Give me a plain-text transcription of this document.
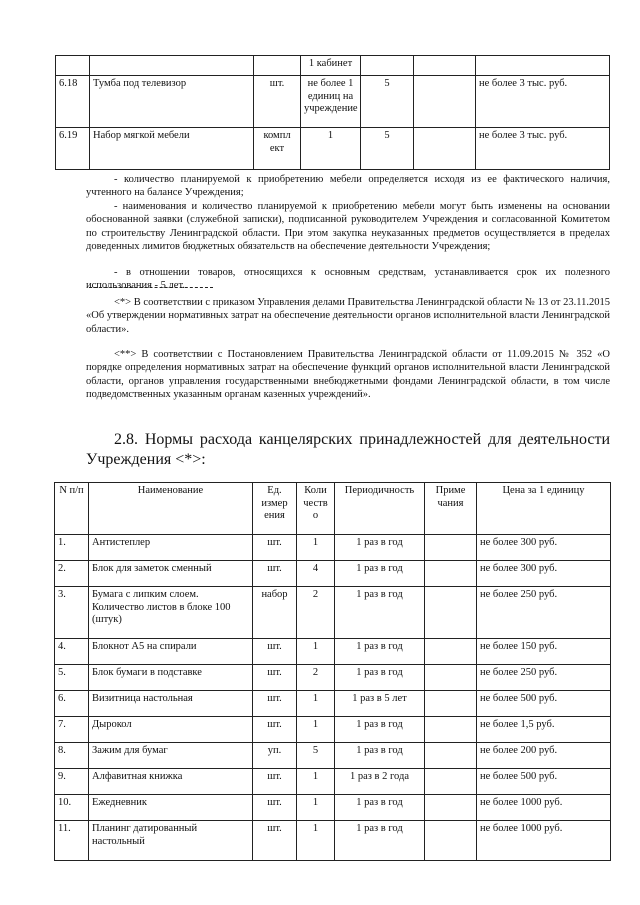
			1 кабинет			
6.18	Тумба под телевизор	шт.	не более 1 единиц на учреждение	5		не более 3 тыс. руб.
6.19	Набор мягкой мебели	компл ект	1	5		не более 3 тыс. руб.
- количество планируемой к приобретению мебели определяется исходя из ее фактического наличия, учтенного на балансе Учреждения;
- наименования и количество планируемой к приобретению мебели могут быть изменены на основании обоснованной заявки (служебной записки), подписанной руководителем Учреждения и согласованной Комитетом по строительству Ленинградской области. При этом закупка неуказанных предметов осуществляется в пределах доведенных лимитов бюджетных обязательств на обеспечение деятельности Учреждения;
- в отношении товаров, относящихся к основным средствам, устанавливается срок их полезного использования - 5 лет.
<*> В соответствии с приказом Управления делами Правительства Ленинградской области № 13 от 23.11.2015 «Об утверждении нормативных затрат на обеспечение деятельности органов исполнительной власти Ленинградской области».
<**> В соответствии с Постановлением Правительства Ленинградской области от 11.09.2015 № 352 «О порядке определения нормативных затрат на обеспечение функций органов исполнительной власти Ленинградской области, органов управления государственными внебюджетными фондами Ленинградской области, в том числе подведомственных указанным органам казенных учреждений».
2.8. Нормы расхода канцелярских принадлежностей для деятельности
Учреждения <*>:
N п/п	Наименование	Ед. измер ения	Коли честв о	Периодичность	Приме чания	Цена за 1 единицу
1.	Антистеплер	шт.	1	1 раз в год		не более 300 руб.
2.	Блок для заметок сменный	шт.	4	1 раз в год		не более 300 руб.
3.	Бумага с липким слоем. Количество листов в блоке 100 (штук)	набор	2	1 раз в год		не более 250 руб.
4.	Блокнот А5 на спирали	шт.	1	1 раз в год		не более 150 руб.
5.	Блок бумаги в подставке	шт.	2	1 раз в год		не более 250 руб.
6.	Визитница настольная	шт.	1	1 раз в 5 лет		не более 500 руб.
7.	Дырокол	шт.	1	1 раз в год		не более 1,5 руб.
8.	Зажим для бумаг	уп.	5	1 раз в год		не более 200 руб.
9.	Алфавитная книжка	шт.	1	1 раз в 2 года		не более 500 руб.
10.	Ежедневник	шт.	1	1 раз в год		не более 1000 руб.
11.	Планинг датированный настольный	шт.	1	1 раз в год		не более 1000 руб.
